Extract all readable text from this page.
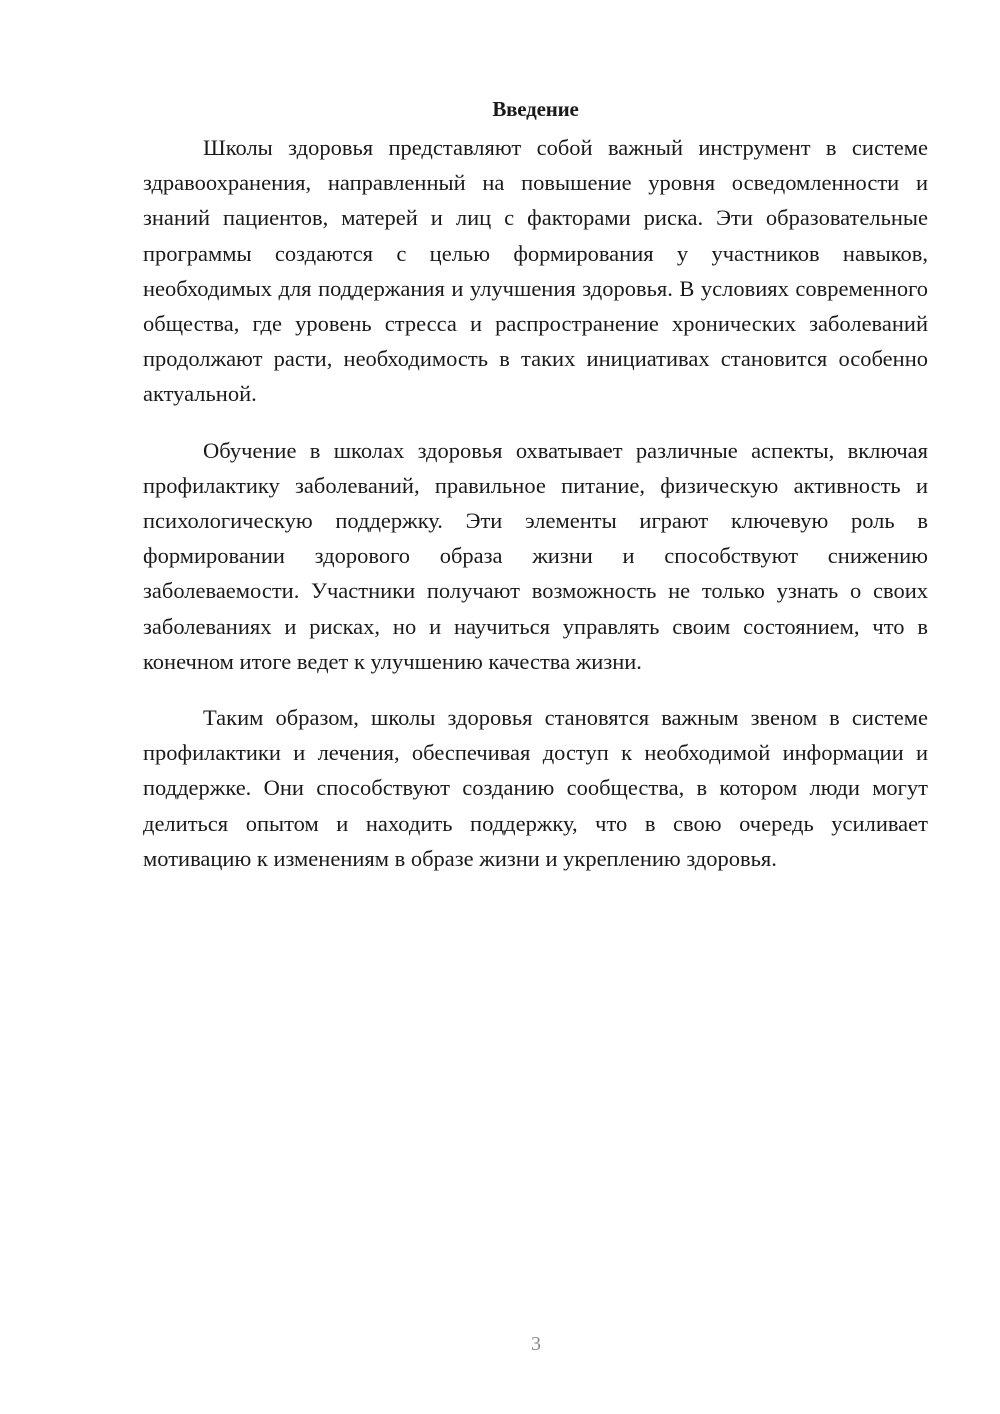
Введение

Школы здоровья представляют собой важный инструмент в системе здравоохранения, направленный на повышение уровня осведомленности и знаний пациентов, матерей и лиц с факторами риска. Эти образовательные программы создаются с целью формирования у участников навыков, необходимых для поддержания и улучшения здоровья. В условиях современного общества, где уровень стресса и распространение хронических заболеваний продолжают расти, необходимость в таких инициативах становится особенно актуальной.

Обучение в школах здоровья охватывает различные аспекты, включая профилактику заболеваний, правильное питание, физическую активность и психологическую поддержку. Эти элементы играют ключевую роль в формировании здорового образа жизни и способствуют снижению заболеваемости. Участники получают возможность не только узнать о своих заболеваниях и рисках, но и научиться управлять своим состоянием, что в конечном итоге ведет к улучшению качества жизни.

Таким образом, школы здоровья становятся важным звеном в системе профилактики и лечения, обеспечивая доступ к необходимой информации и поддержке. Они способствуют созданию сообщества, в котором люди могут делиться опытом и находить поддержку, что в свою очередь усиливает мотивацию к изменениям в образе жизни и укреплению здоровья.

3
